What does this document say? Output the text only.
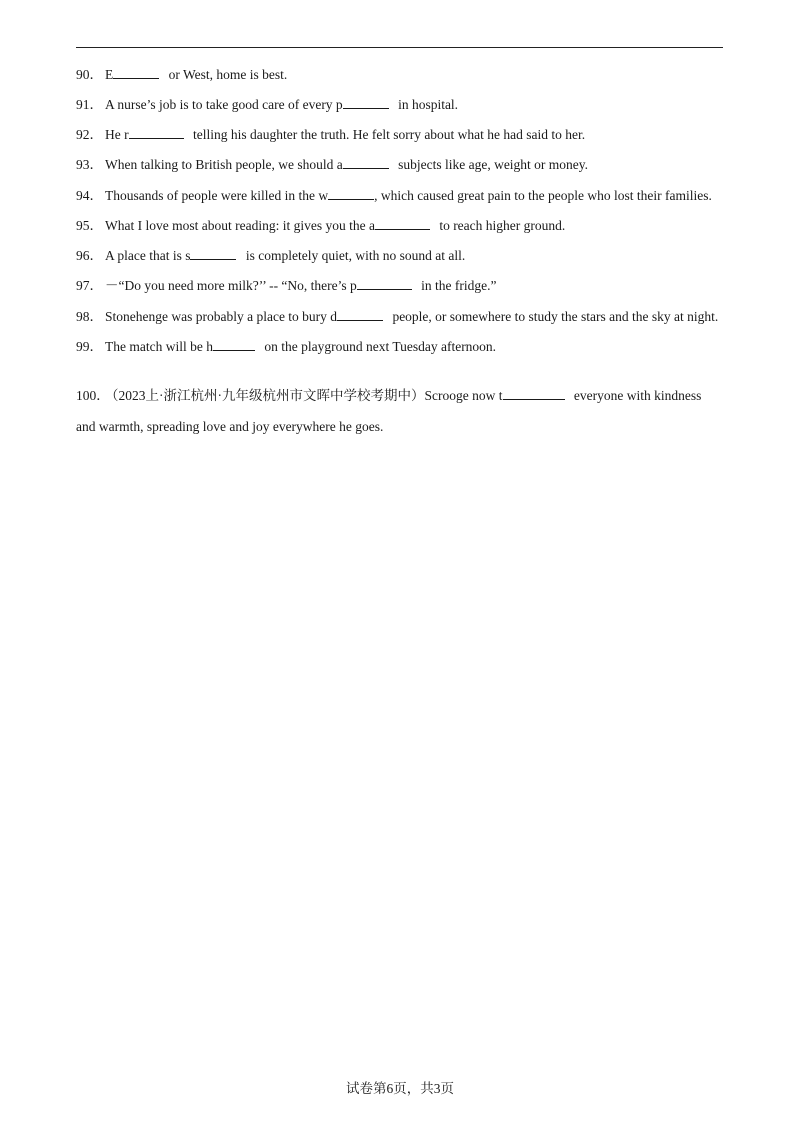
90． E	or West, home is best.
91． A nurse’s job is to take good care of every p	in hospital.
92． He r	telling his daughter the truth. He felt sorry about what he had said to her.
93． When talking to British people, we should a	subjects like age, weight or money.
94． Thousands of people were killed in the w	, which caused great pain to the people who lost their families.
95． What I love most about reading: it gives you the a	to reach higher ground.
96． A place that is s	is completely quiet, with no sound at all.
97． －“Do you need more milk?’’ -- “No, there’s p	in the fridge.”
98． Stonehenge was probably a place to bury d	people, or somewhere to study the stars and the sky at night.
99． The match will be h	on the playground next Tuesday afternoon.
100． （2023上·浙江杭州·九年级杭州市文晖中学校考期中）Scrooge now t	everyone with kindness and warmth, spreading love and joy everywhere he goes.
试卷第6页，共3页
